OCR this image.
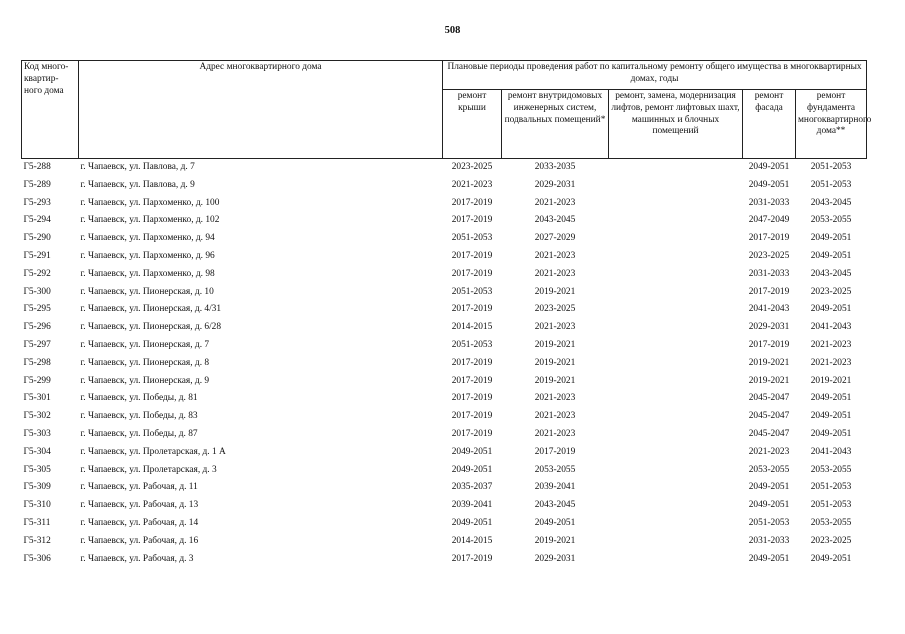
508
Код много-квартир-ного дома	Адрес многоквартирного дома	Плановые периоды проведения работ по капитальному ремонту общего имущества в многоквартирных домах, годы				
		ремонт крыши	ремонт внутридомовых инженерных систем, подвальных помещений*	ремонт, замена, модернизация лифтов, ремонт лифтовых шахт, машинных и блочных помещений	ремонт фасада	ремонт фундамента многоквартирного дома**
Г5-288	г. Чапаевск, ул. Павлова, д. 7	2023-2025	2033-2035		2049-2051	2051-2053
Г5-289	г. Чапаевск, ул. Павлова, д. 9	2021-2023	2029-2031		2049-2051	2051-2053
Г5-293	г. Чапаевск, ул. Пархоменко, д. 100	2017-2019	2021-2023		2031-2033	2043-2045
Г5-294	г. Чапаевск, ул. Пархоменко, д. 102	2017-2019	2043-2045		2047-2049	2053-2055
Г5-290	г. Чапаевск, ул. Пархоменко, д. 94	2051-2053	2027-2029		2017-2019	2049-2051
Г5-291	г. Чапаевск, ул. Пархоменко, д. 96	2017-2019	2021-2023		2023-2025	2049-2051
Г5-292	г. Чапаевск, ул. Пархоменко, д. 98	2017-2019	2021-2023		2031-2033	2043-2045
Г5-300	г. Чапаевск, ул. Пионерская, д. 10	2051-2053	2019-2021		2017-2019	2023-2025
Г5-295	г. Чапаевск, ул. Пионерская, д. 4/31	2017-2019	2023-2025		2041-2043	2049-2051
Г5-296	г. Чапаевск, ул. Пионерская, д. 6/28	2014-2015	2021-2023		2029-2031	2041-2043
Г5-297	г. Чапаевск, ул. Пионерская, д. 7	2051-2053	2019-2021		2017-2019	2021-2023
Г5-298	г. Чапаевск, ул. Пионерская, д. 8	2017-2019	2019-2021		2019-2021	2021-2023
Г5-299	г. Чапаевск, ул. Пионерская, д. 9	2017-2019	2019-2021		2019-2021	2019-2021
Г5-301	г. Чапаевск, ул. Победы, д. 81	2017-2019	2021-2023		2045-2047	2049-2051
Г5-302	г. Чапаевск, ул. Победы, д. 83	2017-2019	2021-2023		2045-2047	2049-2051
Г5-303	г. Чапаевск, ул. Победы, д. 87	2017-2019	2021-2023		2045-2047	2049-2051
Г5-304	г. Чапаевск, ул. Пролетарская, д. 1 А	2049-2051	2017-2019		2021-2023	2041-2043
Г5-305	г. Чапаевск, ул. Пролетарская, д. 3	2049-2051	2053-2055		2053-2055	2053-2055
Г5-309	г. Чапаевск, ул. Рабочая, д. 11	2035-2037	2039-2041		2049-2051	2051-2053
Г5-310	г. Чапаевск, ул. Рабочая, д. 13	2039-2041	2043-2045		2049-2051	2051-2053
Г5-311	г. Чапаевск, ул. Рабочая, д. 14	2049-2051	2049-2051		2051-2053	2053-2055
Г5-312	г. Чапаевск, ул. Рабочая, д. 16	2014-2015	2019-2021		2031-2033	2023-2025
Г5-306	г. Чапаевск, ул. Рабочая, д. 3	2017-2019	2029-2031		2049-2051	2049-2051
